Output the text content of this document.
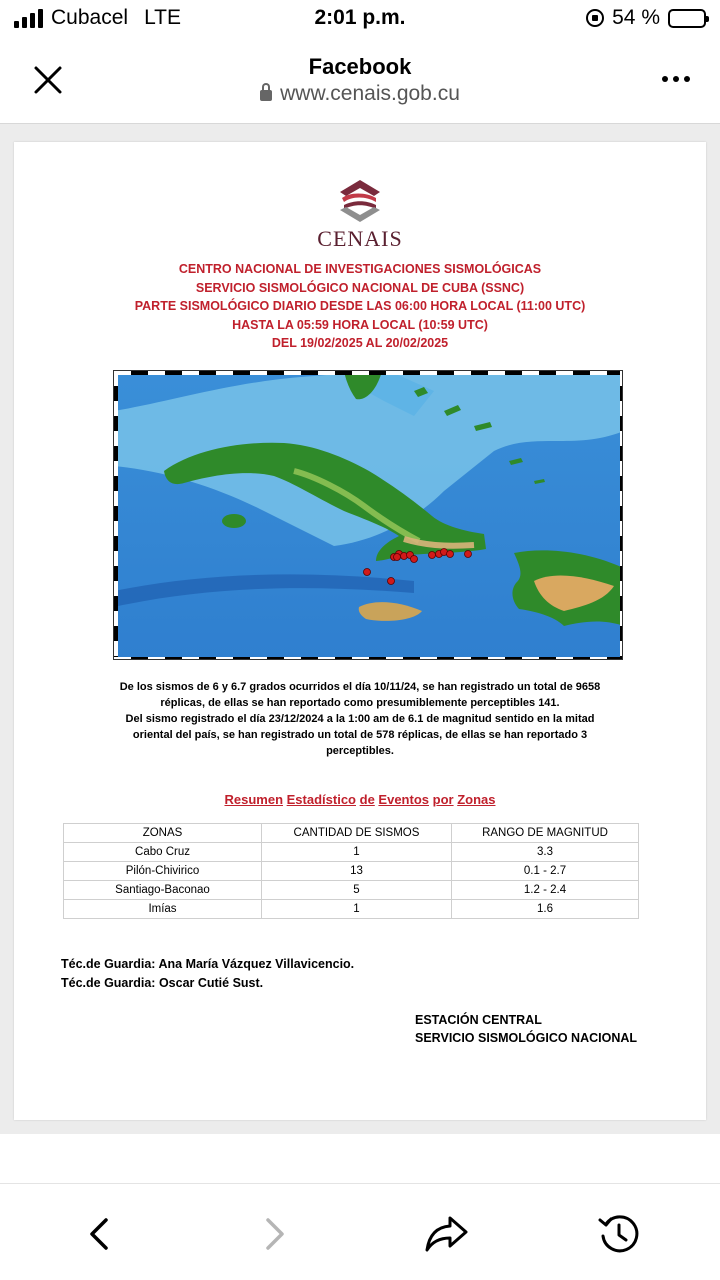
Cubacel LTE	2:01 p.m.	54 %
Facebook
www.cenais.gob.cu
CENAIS
CENTRO NACIONAL DE INVESTIGACIONES SISMOLÓGICAS
SERVICIO SISMOLÓGICO NACIONAL DE CUBA (SSNC)
PARTE SISMOLÓGICO DIARIO DESDE LAS 06:00 HORA LOCAL (11:00 UTC)
HASTA LA 05:59 HORA LOCAL (10:59 UTC)
DEL 19/02/2025 AL 20/02/2025
De los sismos de 6 y 6.7 grados ocurridos el día 10/11/24, se han registrado un total de 9658
réplicas, de ellas se han reportado como presumiblemente perceptibles 141.
Del sismo registrado el día 23/12/2024 a la 1:00 am de 6.1 de magnitud sentido en la mitad
oriental del país, se han registrado un total de 578 réplicas, de ellas se han reportado 3
perceptibles.
Resumen Estadístico de Eventos por Zonas
ZONAS	CANTIDAD DE SISMOS	RANGO DE MAGNITUD
Cabo Cruz	1	3.3
Pilón-Chivirico	13	0.1 - 2.7
Santiago-Baconao	5	1.2 - 2.4
Imías	1	1.6
Téc.de Guardia: Ana María Vázquez Villavicencio.
Téc.de Guardia: Oscar Cutié Sust.
ESTACIÓN CENTRAL
SERVICIO SISMOLÓGICO NACIONAL
